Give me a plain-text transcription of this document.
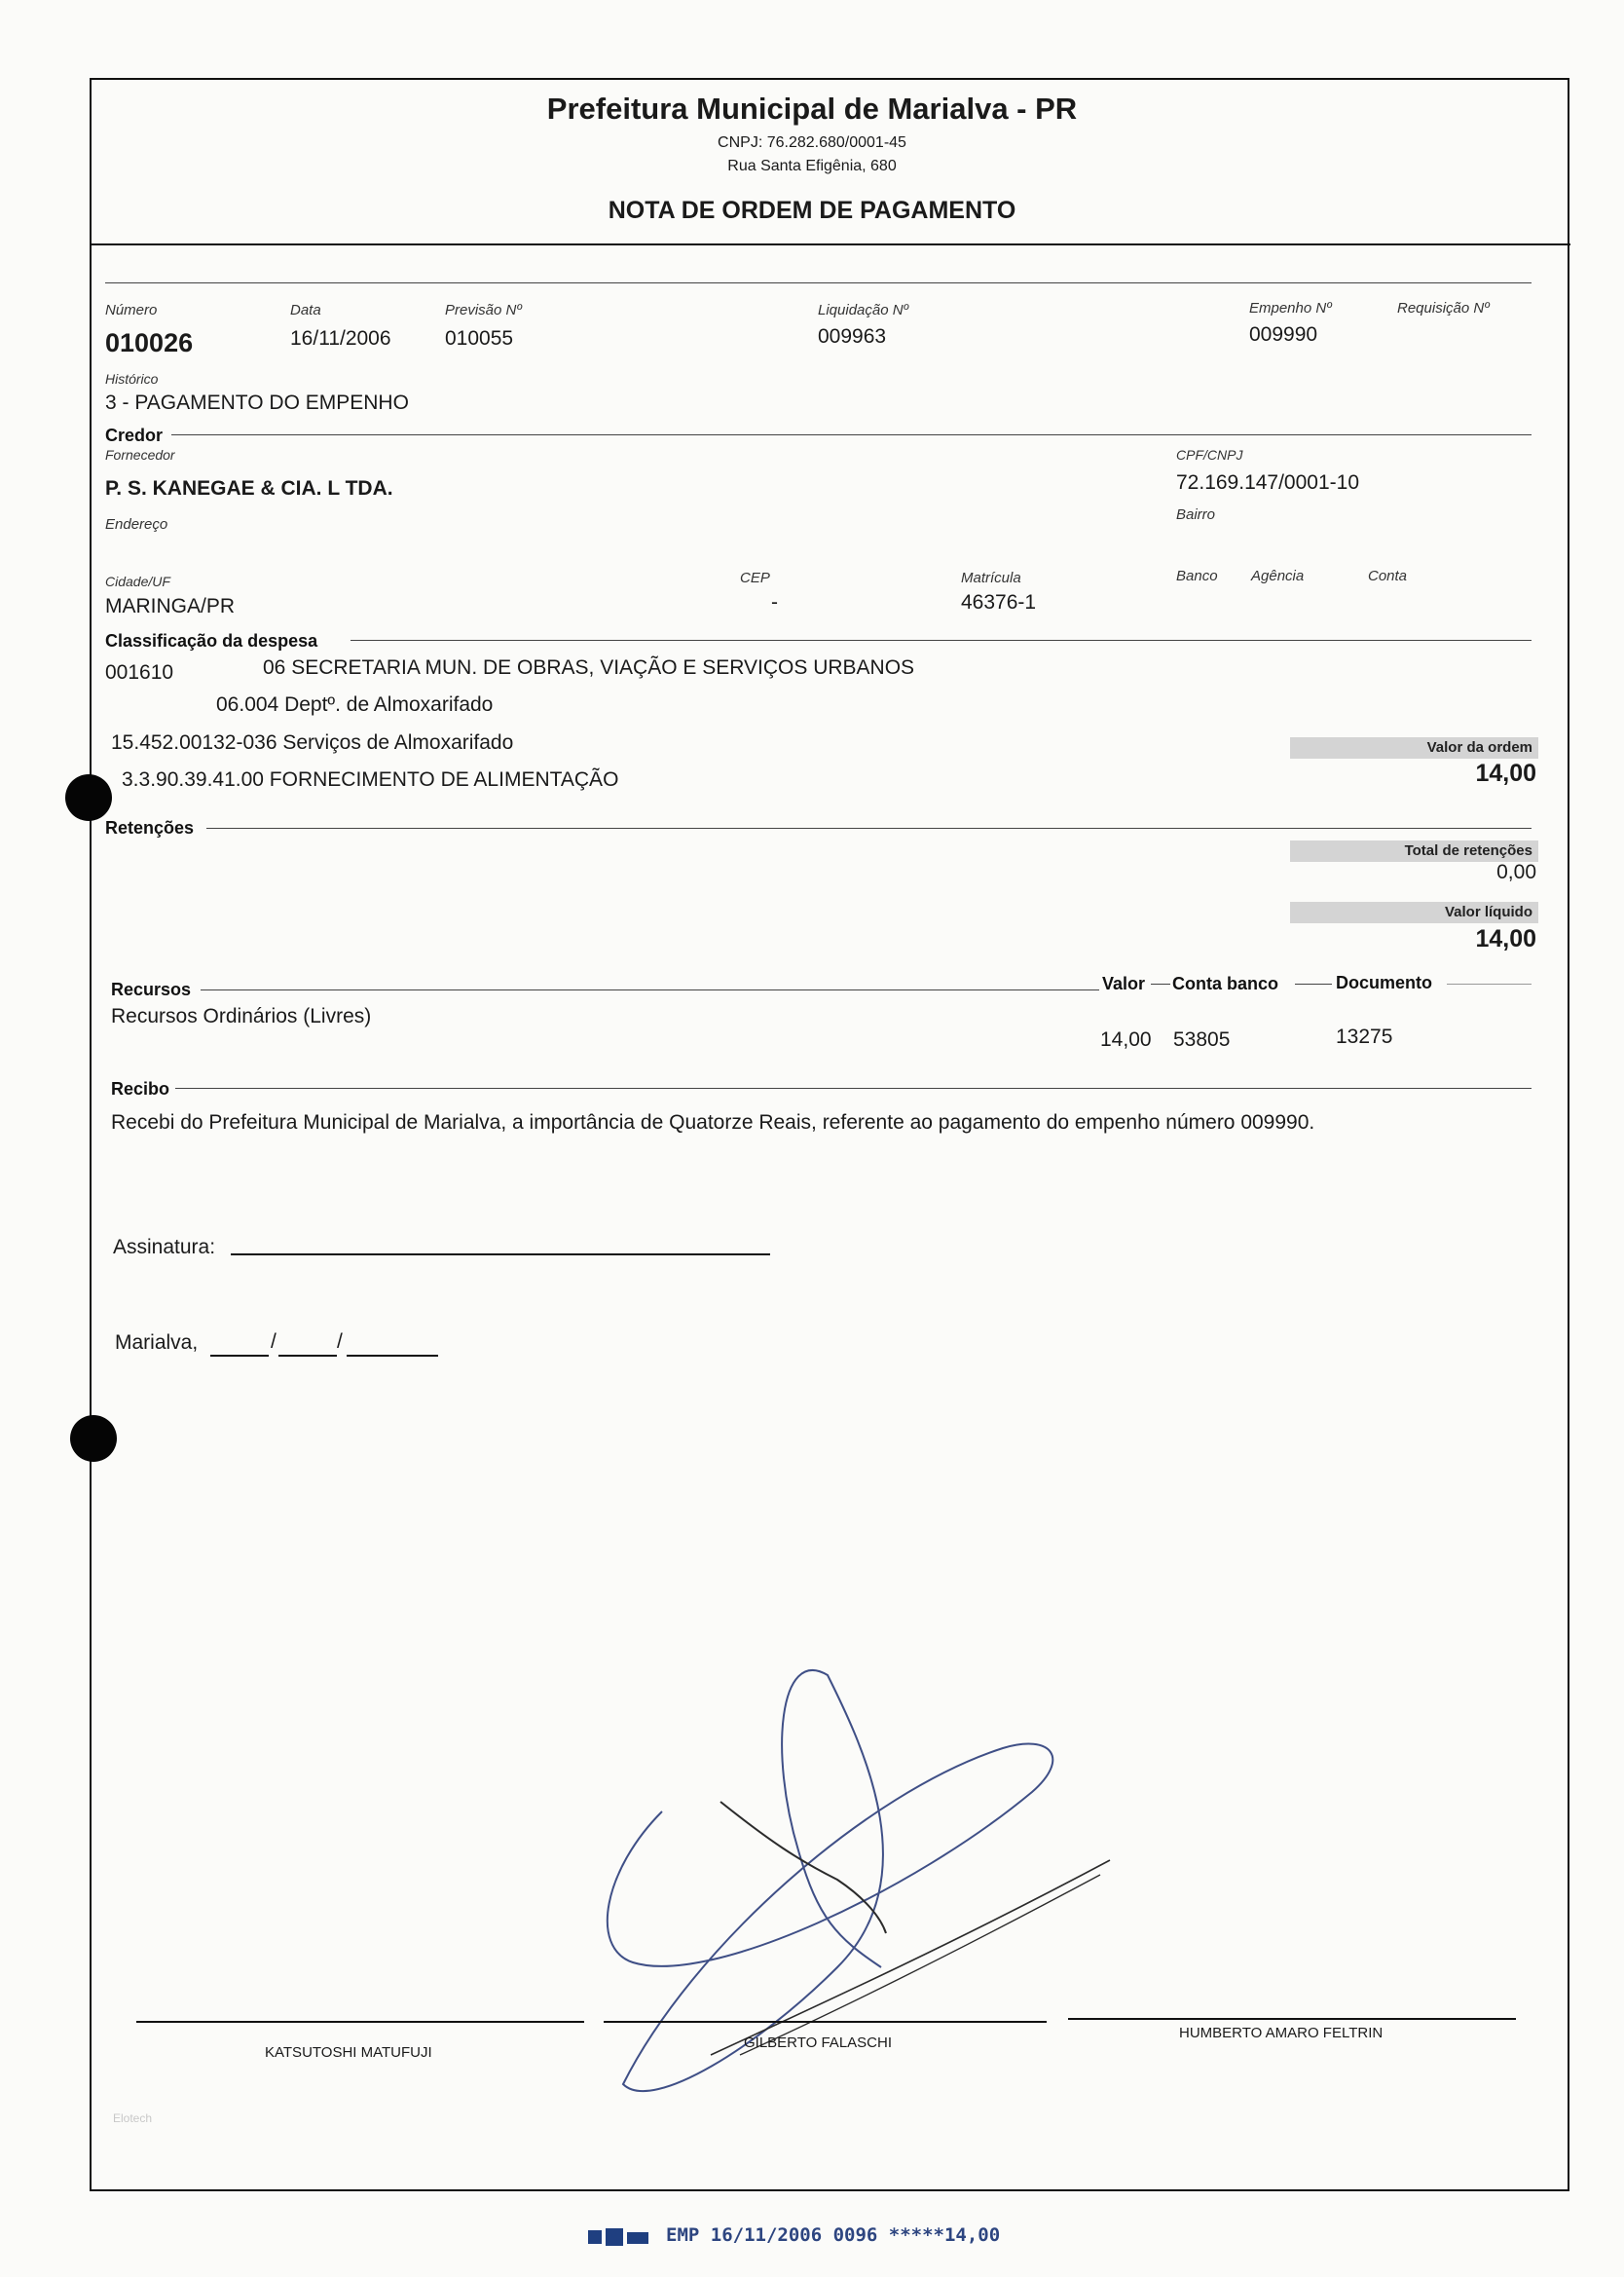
Prefeitura Municipal de Marialva - PR
CNPJ: 76.282.680/0001-45
Rua Santa Efigênia, 680
NOTA DE ORDEM DE PAGAMENTO
Número
010026
Data
16/11/2006
Previsão Nº
010055
Liquidação Nº
009963
Empenho Nº
009990
Requisição Nº
Histórico
3 - PAGAMENTO DO EMPENHO
Credor
Fornecedor
P. S. KANEGAE & CIA. L TDA.
CPF/CNPJ
72.169.147/0001-10
Endereço
Bairro
Cidade/UF
MARINGA/PR
CEP
-
Matrícula
46376-1
Banco Agência	Conta
Classificação da despesa
001610	06 SECRETARIA MUN. DE OBRAS, VIAÇÃO E SERVIÇOS URBANOS
06.004 Deptº. de Almoxarifado
15.452.00132-036 Serviços de Almoxarifado
3.3.90.39.41.00 FORNECIMENTO DE ALIMENTAÇÃO
Valor da ordem
14,00
Retenções
Total de retenções
0,00
Valor líquido
14,00
Recursos	Valor Conta banco	Documento
Recursos Ordinários (Livres)
14,00 53805	13275
Recibo
Recebi do Prefeitura Municipal de Marialva, a importância de Quatorze Reais, referente ao pagamento do empenho número 009990.
Assinatura:
Marialva,	/	/
KATSUTOSHI MATUFUJI
GILBERTO FALASCHI
HUMBERTO AMARO FELTRIN
Elotech
EMP 16/11/2006 0096 *****14,00
